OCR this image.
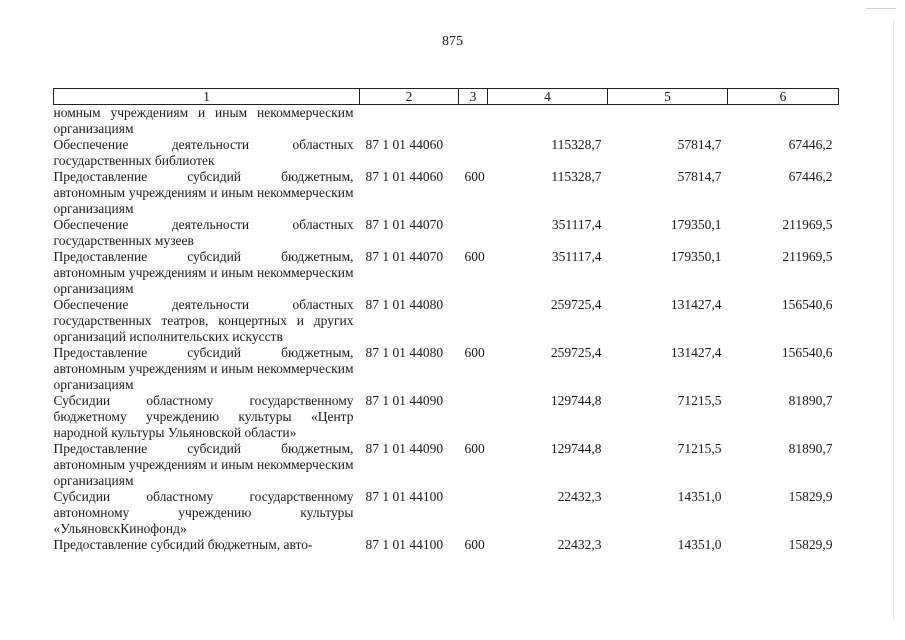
875
1	2	3	4	5	6
номным учреждениям и иным некоммерческим организациям					
Обеспечение деятельности областных государственных библиотек	87 1 01 44060		115328,7	57814,7	67446,2
Предоставление субсидий бюджетным, автономным учреждениям и иным некоммерческим организациям	87 1 01 44060	600	115328,7	57814,7	67446,2
Обеспечение деятельности областных государственных музеев	87 1 01 44070		351117,4	179350,1	211969,5
Предоставление субсидий бюджетным, автономным учреждениям и иным некоммерческим организациям	87 1 01 44070	600	351117,4	179350,1	211969,5
Обеспечение деятельности областных государственных театров, концертных и других организаций исполнительских искусств	87 1 01 44080		259725,4	131427,4	156540,6
Предоставление субсидий бюджетным, автономным учреждениям и иным некоммерческим организациям	87 1 01 44080	600	259725,4	131427,4	156540,6
Субсидии областному государственному бюджетному учреждению культуры «Центр народной культуры Ульяновской области»	87 1 01 44090		129744,8	71215,5	81890,7
Предоставление субсидий бюджетным, автономным учреждениям и иным некоммерческим организациям	87 1 01 44090	600	129744,8	71215,5	81890,7
Субсидии областному государственному автономному учреждению культуры «УльяновскКинофонд»	87 1 01 44100		22432,3	14351,0	15829,9
Предоставление субсидий бюджетным, авто-	87 1 01 44100	600	22432,3	14351,0	15829,9
